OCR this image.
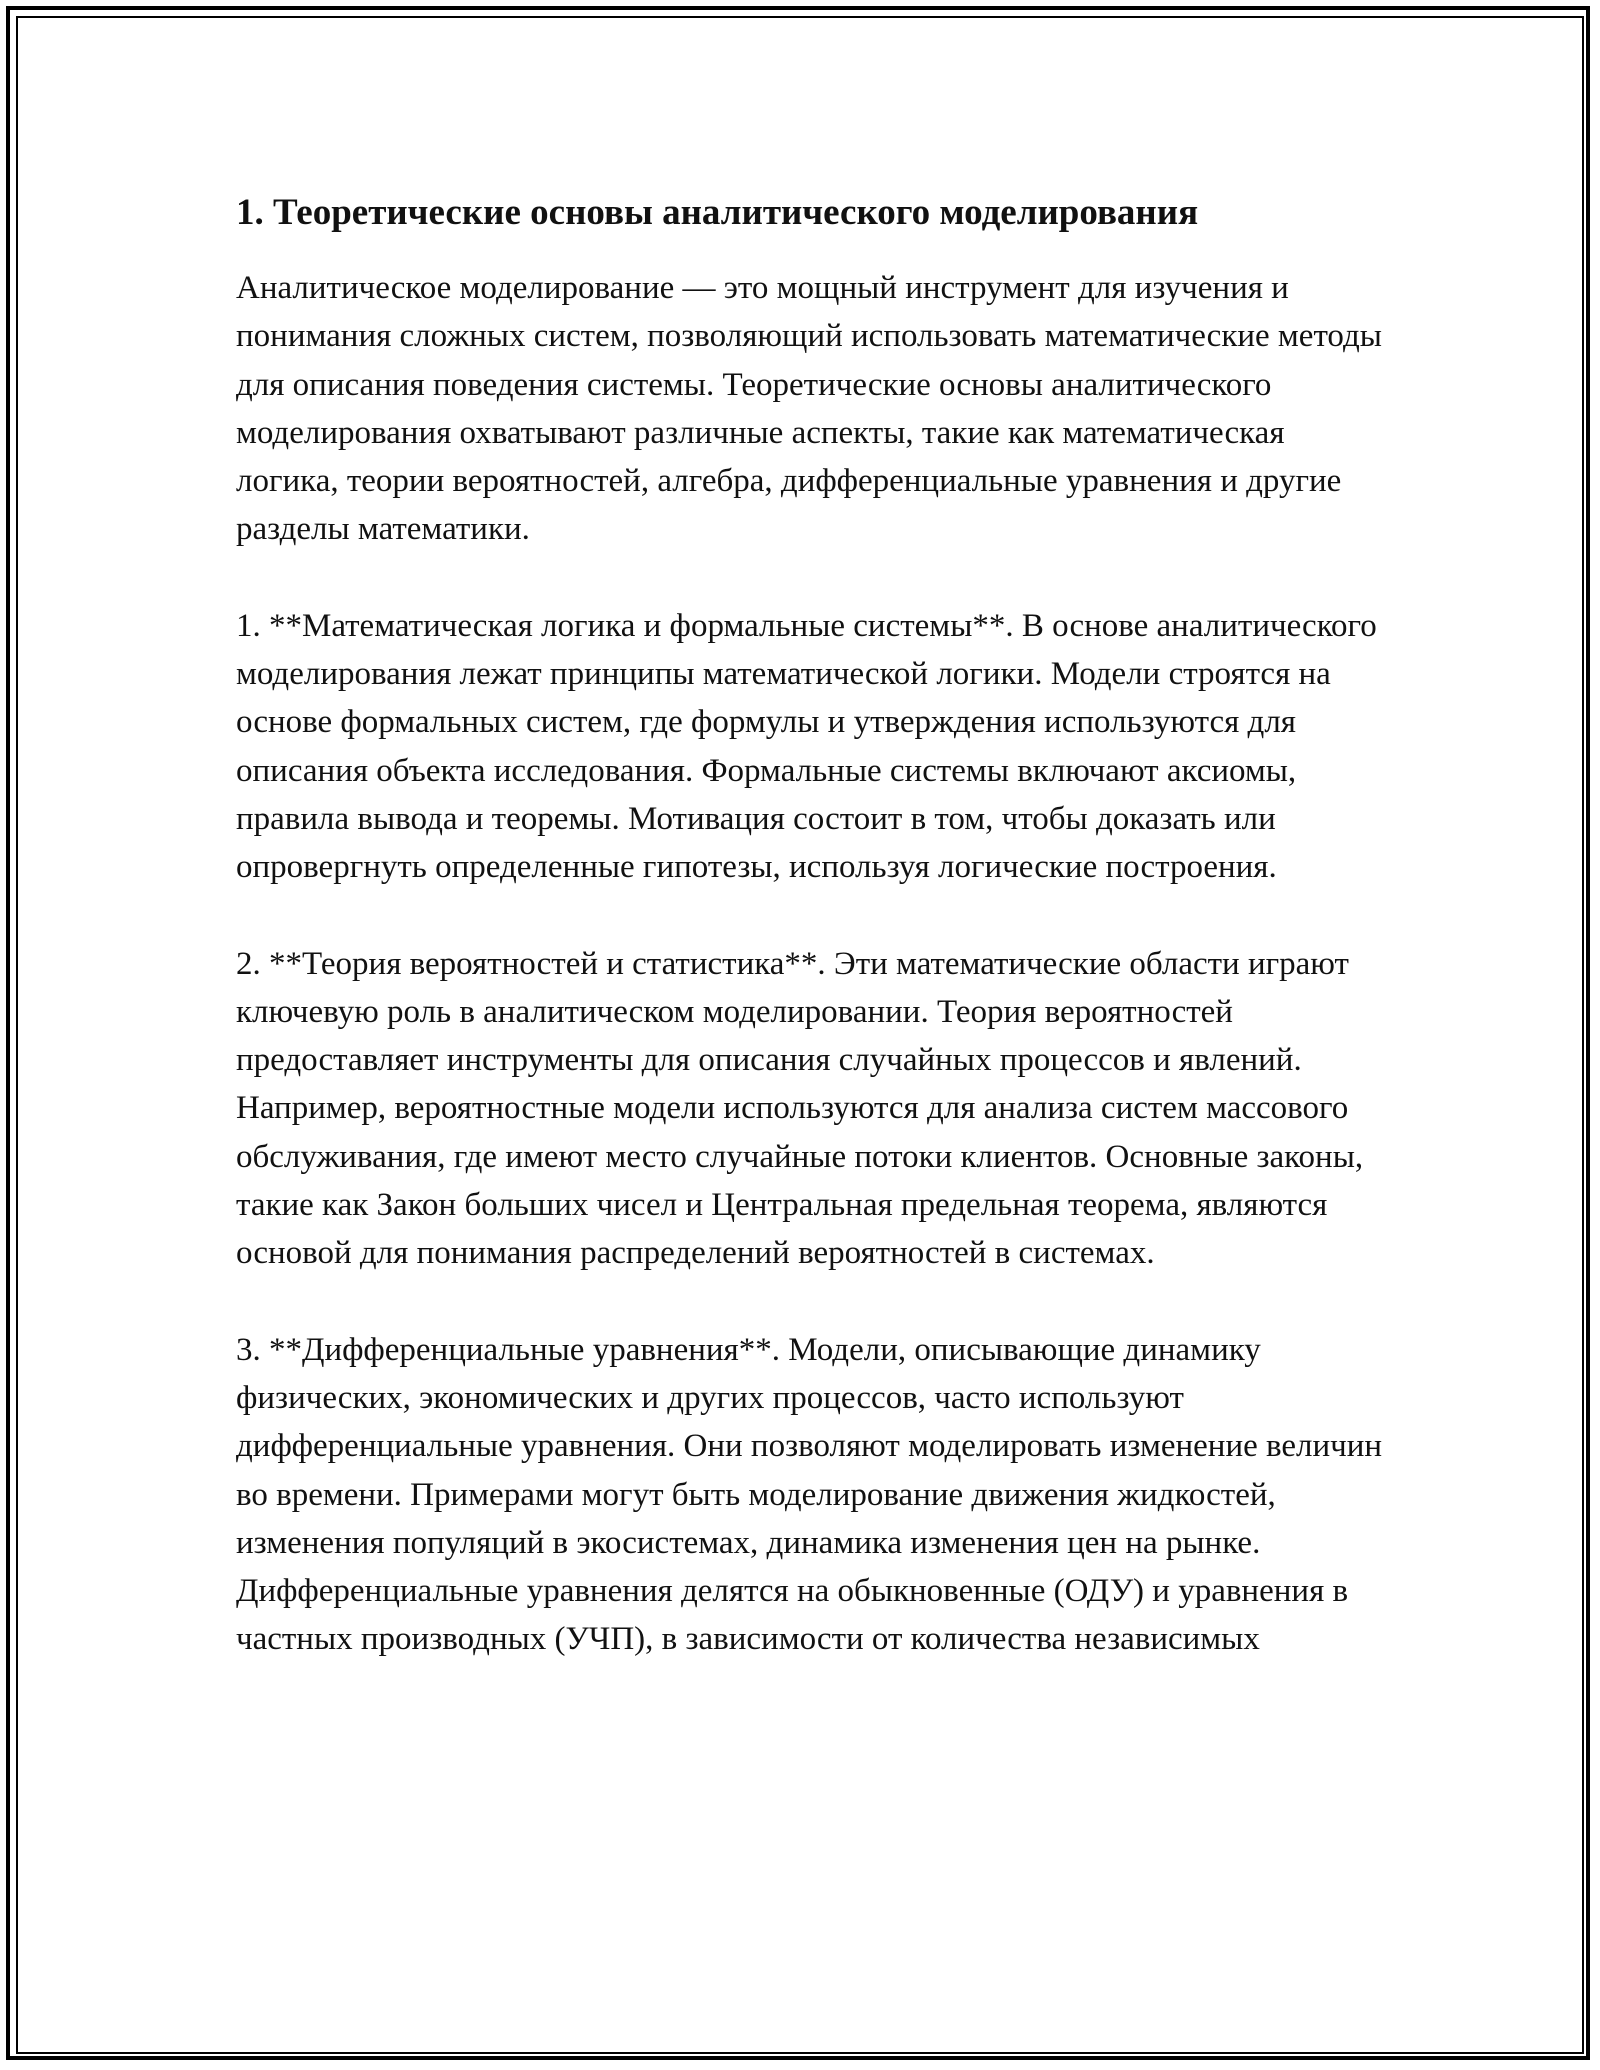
1. Теоретические основы аналитического моделирования

Аналитическое моделирование — это мощный инструмент для изучения и понимания сложных систем, позволяющий использовать математические методы для описания поведения системы. Теоретические основы аналитического моделирования охватывают различные аспекты, такие как математическая логика, теории вероятностей, алгебра, дифференциальные уравнения и другие разделы математики.

1. **Математическая логика и формальные системы**. В основе аналитического моделирования лежат принципы математической логики. Модели строятся на основе формальных систем, где формулы и утверждения используются для описания объекта исследования. Формальные системы включают аксиомы, правила вывода и теоремы. Мотивация состоит в том, чтобы доказать или опровергнуть определенные гипотезы, используя логические построения.

2. **Теория вероятностей и статистика**. Эти математические области играют ключевую роль в аналитическом моделировании. Теория вероятностей предоставляет инструменты для описания случайных процессов и явлений. Например, вероятностные модели используются для анализа систем массового обслуживания, где имеют место случайные потоки клиентов. Основные законы, такие как Закон больших чисел и Центральная предельная теорема, являются основой для понимания распределений вероятностей в системах.

3. **Дифференциальные уравнения**. Модели, описывающие динамику физических, экономических и других процессов, часто используют дифференциальные уравнения. Они позволяют моделировать изменение величин во времени. Примерами могут быть моделирование движения жидкостей, изменения популяций в экосистемах, динамика изменения цен на рынке. Дифференциальные уравнения делятся на обыкновенные (ОДУ) и уравнения в частных производных (УЧП), в зависимости от количества независимых
